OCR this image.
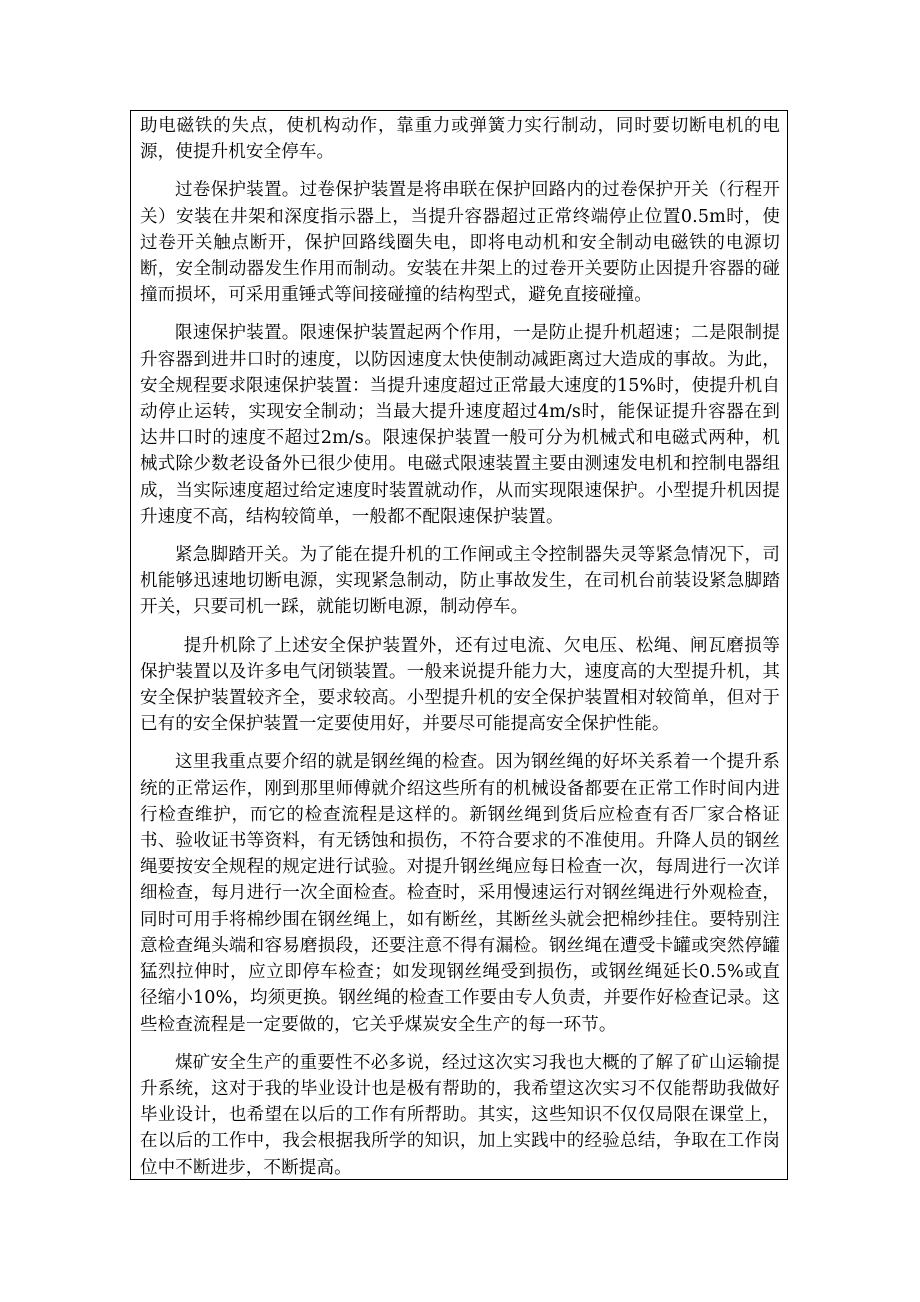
助电磁铁的失点，使机构动作，靠重力或弹簧力实行制动，同时要切断电机的电源，使提升机安全停车。

过卷保护装置。过卷保护装置是将串联在保护回路内的过卷保护开关（行程开关）安装在井架和深度指示器上，当提升容器超过正常终端停止位置0.5m时，使过卷开关触点断开，保护回路线圈失电，即将电动机和安全制动电磁铁的电源切断，安全制动器发生作用而制动。安装在井架上的过卷开关要防止因提升容器的碰撞而损坏，可采用重锤式等间接碰撞的结构型式，避免直接碰撞。

限速保护装置。限速保护装置起两个作用，一是防止提升机超速；二是限制提升容器到进井口时的速度，以防因速度太快使制动减距离过大造成的事故。为此，安全规程要求限速保护装置：当提升速度超过正常最大速度的15%时，使提升机自动停止运转，实现安全制动；当最大提升速度超过4m/s时，能保证提升容器在到达井口时的速度不超过2m/s。限速保护装置一般可分为机械式和电磁式两种，机械式除少数老设备外已很少使用。电磁式限速装置主要由测速发电机和控制电器组成，当实际速度超过给定速度时装置就动作，从而实现限速保护。小型提升机因提升速度不高，结构较简单，一般都不配限速保护装置。

紧急脚踏开关。为了能在提升机的工作闸或主令控制器失灵等紧急情况下，司机能够迅速地切断电源，实现紧急制动，防止事故发生，在司机台前装设紧急脚踏开关，只要司机一踩，就能切断电源，制动停车。

提升机除了上述安全保护装置外，还有过电流、欠电压、松绳、闸瓦磨损等保护装置以及许多电气闭锁装置。一般来说提升能力大，速度高的大型提升机，其安全保护装置较齐全，要求较高。小型提升机的安全保护装置相对较简单，但对于已有的安全保护装置一定要使用好，并要尽可能提高安全保护性能。

这里我重点要介绍的就是钢丝绳的检查。因为钢丝绳的好坏关系着一个提升系统的正常运作，刚到那里师傅就介绍这些所有的机械设备都要在正常工作时间内进行检查维护，而它的检查流程是这样的。新钢丝绳到货后应检查有否厂家合格证书、验收证书等资料，有无锈蚀和损伤，不符合要求的不准使用。升降人员的钢丝绳要按安全规程的规定进行试验。对提升钢丝绳应每日检查一次，每周进行一次详细检查，每月进行一次全面检查。检查时，采用慢速运行对钢丝绳进行外观检查，同时可用手将棉纱围在钢丝绳上，如有断丝，其断丝头就会把棉纱挂住。要特别注意检查绳头端和容易磨损段，还要注意不得有漏检。钢丝绳在遭受卡罐或突然停罐猛烈拉伸时，应立即停车检查；如发现钢丝绳受到损伤，或钢丝绳延长0.5%或直径缩小10%，均须更换。钢丝绳的检查工作要由专人负责，并要作好检查记录。这些检查流程是一定要做的，它关乎煤炭安全生产的每一环节。

煤矿安全生产的重要性不必多说，经过这次实习我也大概的了解了矿山运输提升系统，这对于我的毕业设计也是极有帮助的，我希望这次实习不仅能帮助我做好毕业设计，也希望在以后的工作有所帮助。其实，这些知识不仅仅局限在课堂上，在以后的工作中，我会根据我所学的知识，加上实践中的经验总结，争取在工作岗位中不断进步，不断提高。
